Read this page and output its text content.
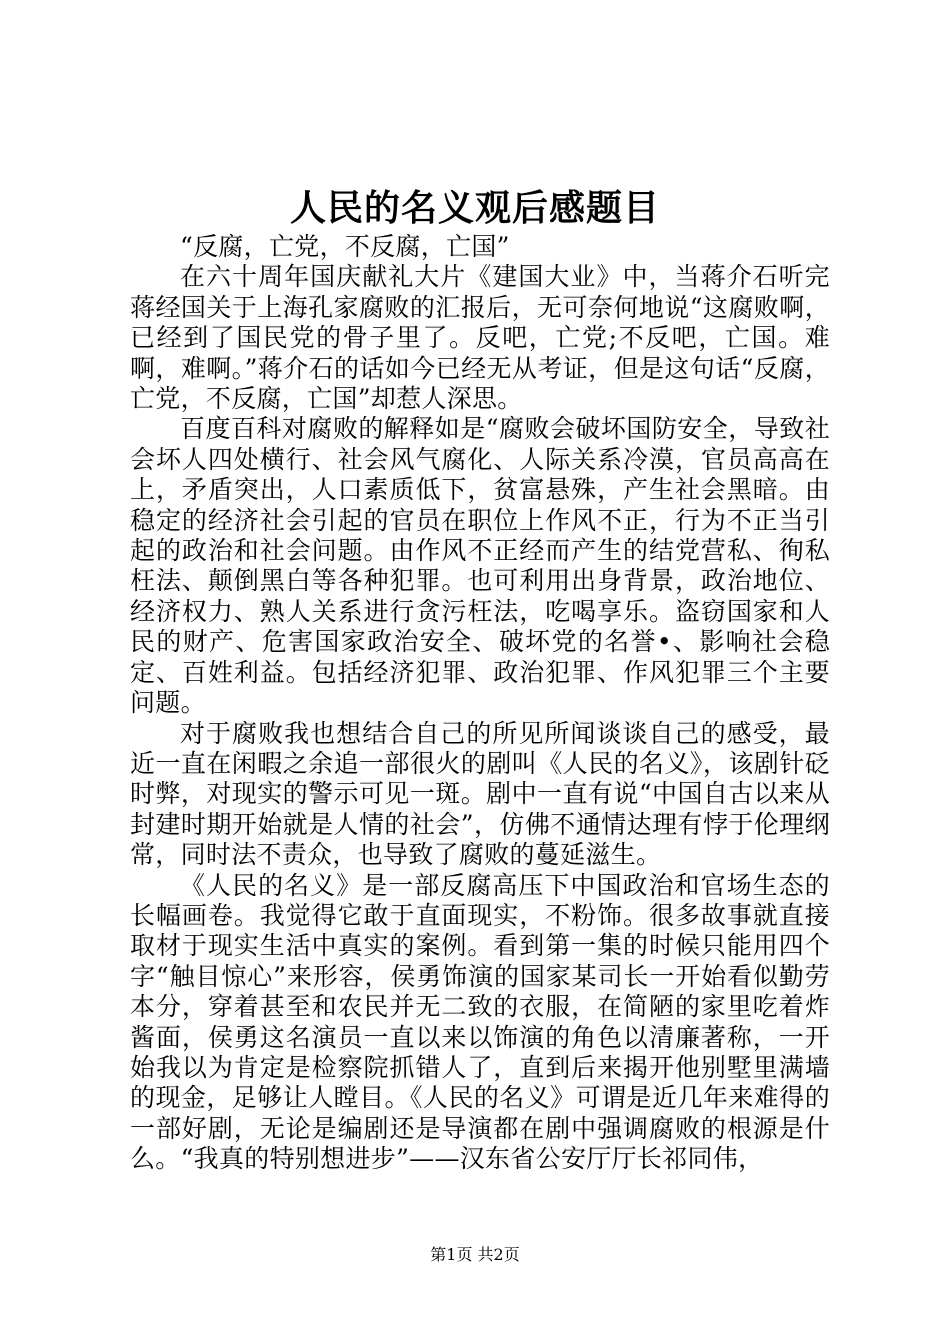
人民的名义观后感题目

“反腐，亡党，不反腐，亡国”

在六十周年国庆献礼大片《建国大业》中，当蒋介石听完蒋经国关于上海孔家腐败的汇报后，无可奈何地说“这腐败啊，已经到了国民党的骨子里了。反吧，亡党;不反吧，亡国。难啊，难啊。”蒋介石的话如今已经无从考证，但是这句话“反腐，亡党，不反腐，亡国”却惹人深思。

百度百科对腐败的解释如是“腐败会破坏国防安全，导致社会坏人四处横行、社会风气腐化、人际关系冷漠，官员高高在上，矛盾突出，人口素质低下，贫富悬殊，产生社会黑暗。由稳定的经济社会引起的官员在职位上作风不正，行为不正当引起的政治和社会问题。由作风不正经而产生的结党营私、徇私枉法、颠倒黑白等各种犯罪。也可利用出身背景，政治地位、经济权力、熟人关系进行贪污枉法，吃喝享乐。盗窃国家和人民的财产、危害国家政治安全、破坏党的名誉•、影响社会稳定、百姓利益。包括经济犯罪、政治犯罪、作风犯罪三个主要问题。

对于腐败我也想结合自己的所见所闻谈谈自己的感受，最近一直在闲暇之余追一部很火的剧叫《人民的名义》，该剧针砭时弊，对现实的警示可见一斑。剧中一直有说“中国自古以来从封建时期开始就是人情的社会”，仿佛不通情达理有悖于伦理纲常，同时法不责众，也导致了腐败的蔓延滋生。

《人民的名义》是一部反腐高压下中国政治和官场生态的长幅画卷。我觉得它敢于直面现实，不粉饰。很多故事就直接取材于现实生活中真实的案例。看到第一集的时候只能用四个字“触目惊心”来形容，侯勇饰演的国家某司长一开始看似勤劳本分，穿着甚至和农民并无二致的衣服，在简陋的家里吃着炸酱面，侯勇这名演员一直以来以饰演的角色以清廉著称，一开始我以为肯定是检察院抓错人了，直到后来揭开他别墅里满墙的现金，足够让人瞠目。《人民的名义》可谓是近几年来难得的一部好剧，无论是编剧还是导演都在剧中强调腐败的根源是什么。“我真的特别想进步”——汉东省公安厅厅长祁同伟，

第1页 共2页
